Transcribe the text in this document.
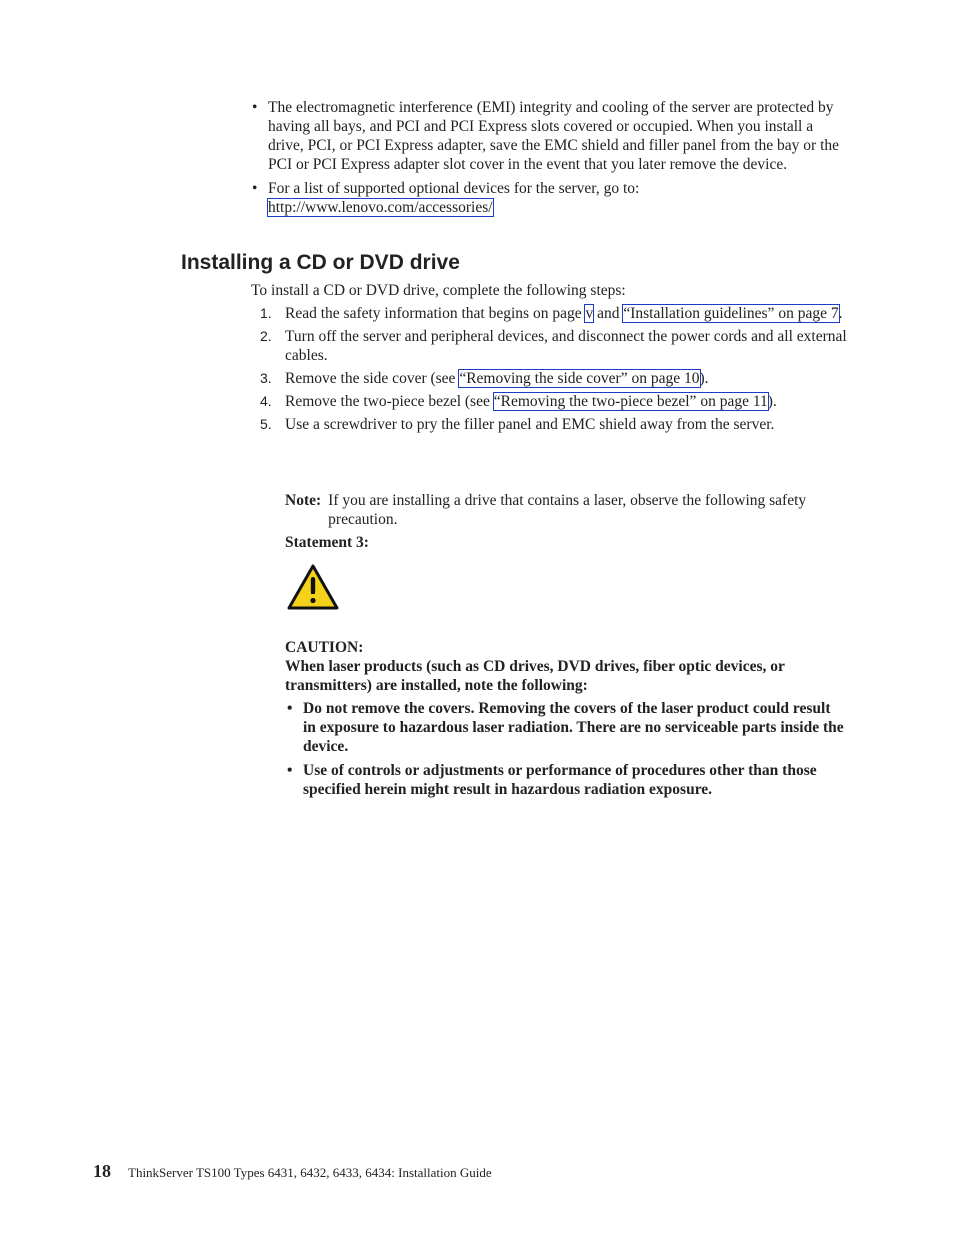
• The electromagnetic interference (EMI) integrity and cooling of the server are protected by having all bays, and PCI and PCI Express slots covered or occupied. When you install a drive, PCI, or PCI Express adapter, save the EMC shield and filler panel from the bay or the PCI or PCI Express adapter slot cover in the event that you later remove the device.
• For a list of supported optional devices for the server, go to:
http://www.lenovo.com/accessories/
Installing a CD or DVD drive

To install a CD or DVD drive, complete the following steps:

1. Read the safety information that begins on page v and “Installation guidelines” on page 7.
2. Turn off the server and peripheral devices, and disconnect the power cords and all external cables.
3. Remove the side cover (see “Removing the side cover” on page 10).
4. Remove the two-piece bezel (see “Removing the two-piece bezel” on page 11).
5. Use a screwdriver to pry the filler panel and EMC shield away from the server.
Note: If you are installing a drive that contains a laser, observe the following safety precaution.

Statement 3:

CAUTION:

When laser products (such as CD drives, DVD drives, fiber optic devices, or transmitters) are installed, note the following:

• Do not remove the covers. Removing the covers of the laser product could result in exposure to hazardous laser radiation. There are no serviceable parts inside the device.
• Use of controls or adjustments or performance of procedures other than those specified herein might result in hazardous radiation exposure.
18 ThinkServer TS100 Types 6431, 6432, 6433, 6434: Installation Guide
